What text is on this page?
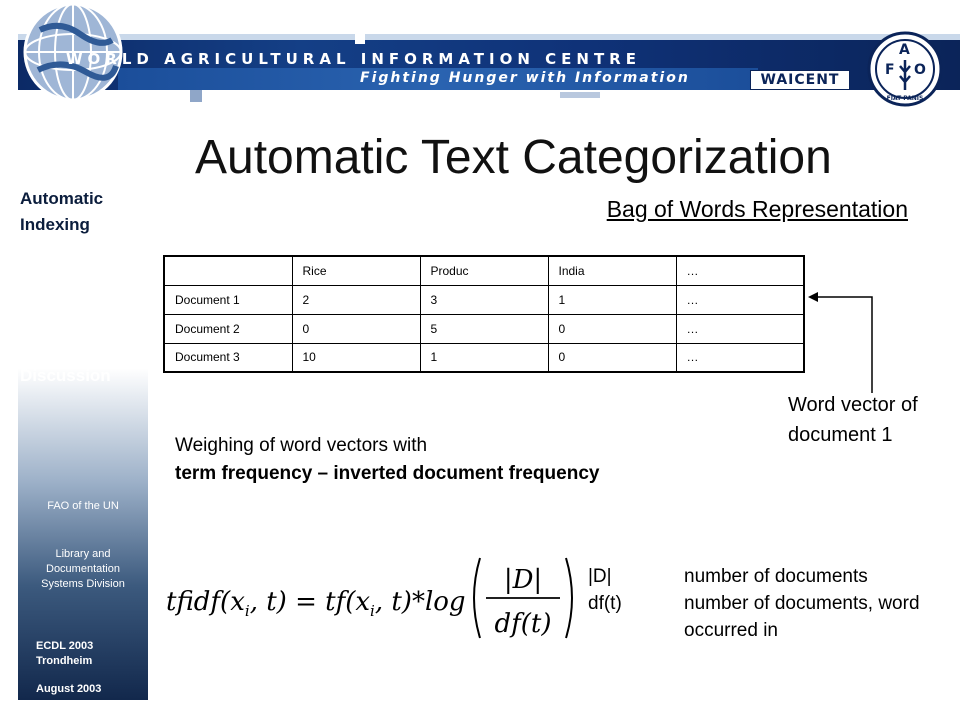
WORLD AGRICULTURAL INFORMATION CENTRE
Fighting Hunger with Information	WAICENT
F
A
O
FIAT PANIS
Introduction
Automatic Indexing
Evaluation
Outlook
Discussion
FAO of the UN
Library and Documentation Systems Division
ECDL 2003 Trondheim
August 2003
Automatic Text Categorization
Bag of Words Representation
	Rice	Produc	India	…
Document 1	2	3	1	…
Document 2	0	5	0	…
Document 3	10	1	0	…
Word vector of document 1
Weighing of word vectors with
term frequency – inverted document frequency
$tfidf(x_i$, $t) = tf(x_i$, t)*log
|D|
df(t)
|D|	number of documents
df(t)	number of documents, word occurred in
